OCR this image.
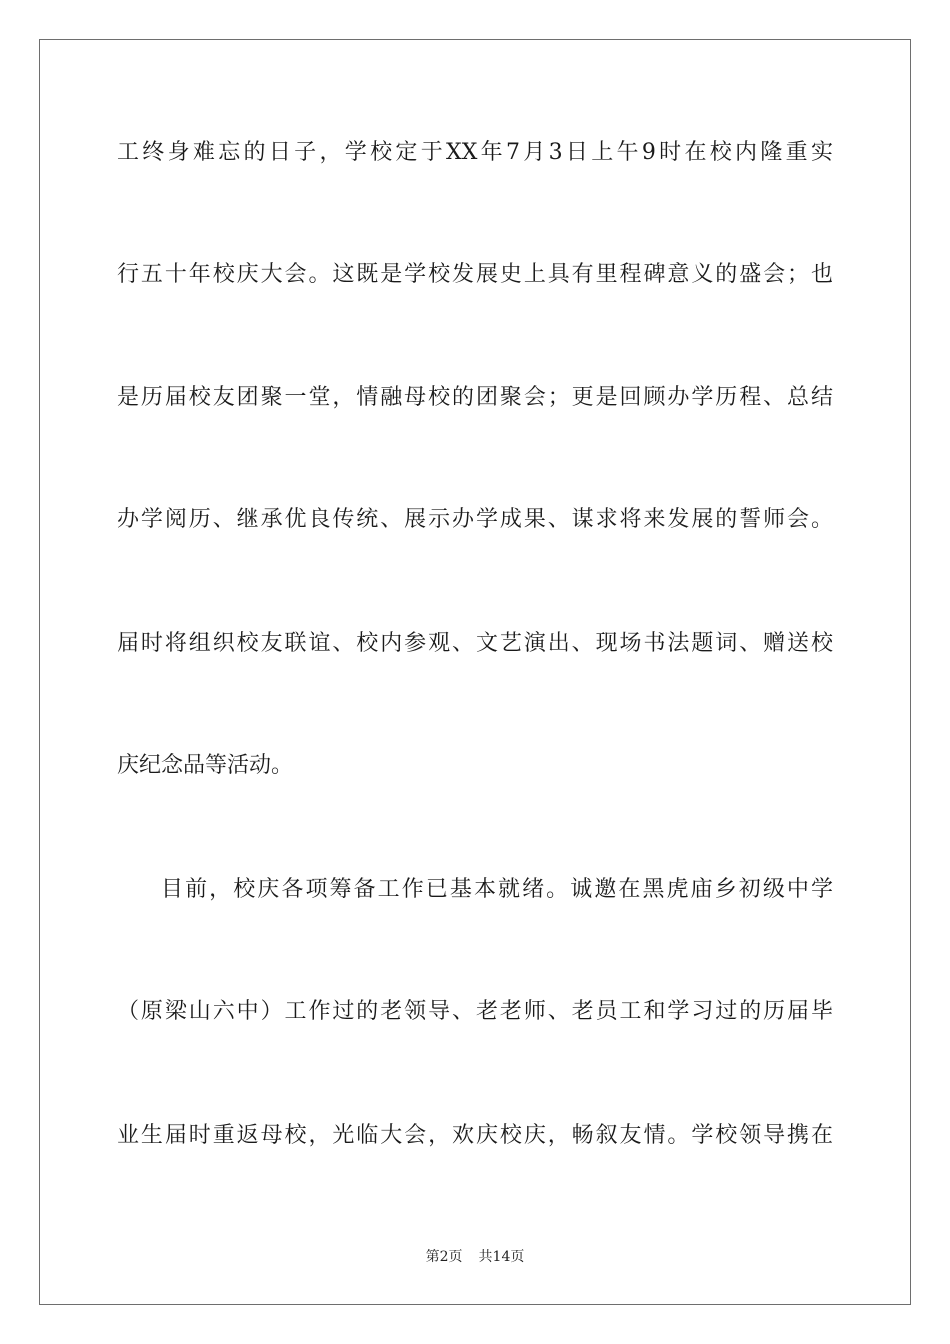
工终身难忘的日子，学校定于XX年7月3日上午9时在校内隆重实
行五十年校庆大会。这既是学校发展史上具有里程碑意义的盛会；也
是历届校友团聚一堂，情融母校的团聚会；更是回顾办学历程、总结
办学阅历、继承优良传统、展示办学成果、谋求将来发展的誓师会。
届时将组织校友联谊、校内参观、文艺演出、现场书法题词、赠送校
庆纪念品等活动。
目前，校庆各项筹备工作已基本就绪。诚邀在黑虎庙乡初级中学
（原梁山六中）工作过的老领导、老老师、老员工和学习过的历届毕
业生届时重返母校，光临大会，欢庆校庆，畅叙友情。学校领导携在
第2页 共14页
